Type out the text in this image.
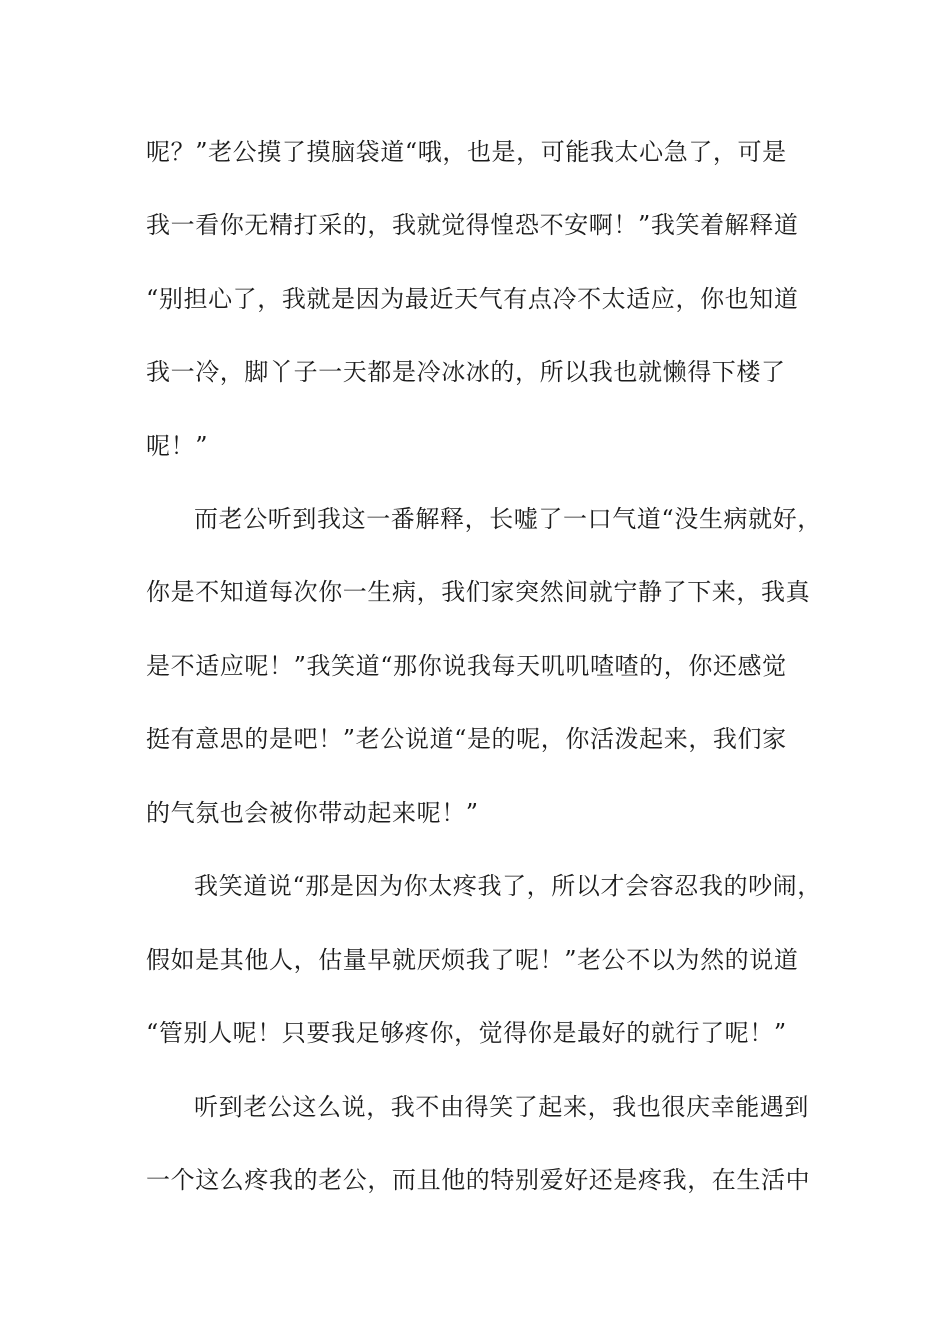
呢？”老公摸了摸脑袋道“哦，也是，可能我太心急了，可是
我一看你无精打采的，我就觉得惶恐不安啊！”我笑着解释道
“别担心了，我就是因为最近天气有点冷不太适应，你也知道
我一冷，脚丫子一天都是冷冰冰的，所以我也就懒得下楼了
呢！”
而老公听到我这一番解释，长嘘了一口气道“没生病就好，
你是不知道每次你一生病，我们家突然间就宁静了下来，我真
是不适应呢！”我笑道“那你说我每天叽叽喳喳的，你还感觉
挺有意思的是吧！”老公说道“是的呢，你活泼起来，我们家
的气氛也会被你带动起来呢！”
我笑道说“那是因为你太疼我了，所以才会容忍我的吵闹，
假如是其他人，估量早就厌烦我了呢！”老公不以为然的说道
“管别人呢！只要我足够疼你，觉得你是最好的就行了呢！”
听到老公这么说，我不由得笑了起来，我也很庆幸能遇到
一个这么疼我的老公，而且他的特别爱好还是疼我，在生活中
